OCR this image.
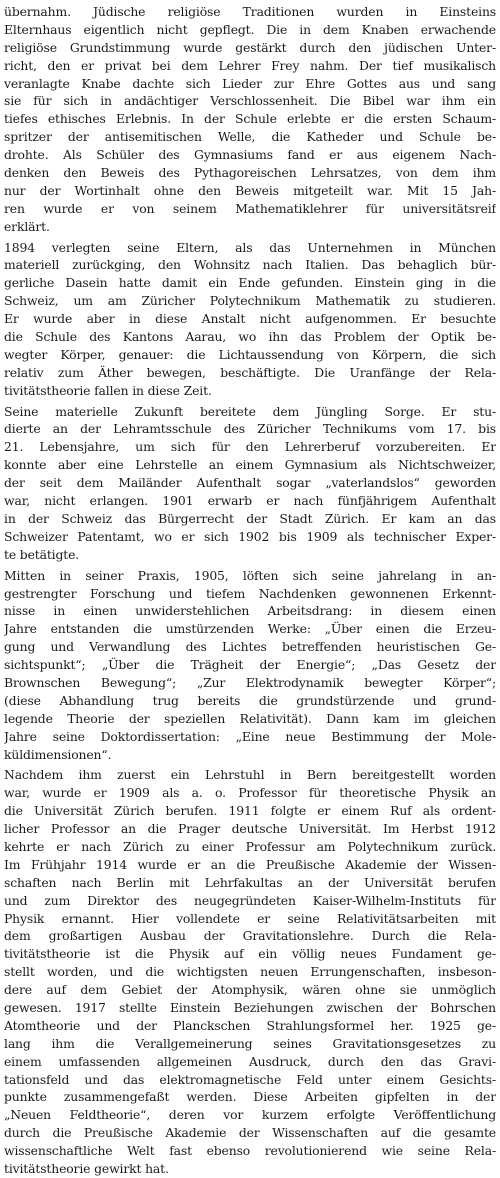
übernahm. Jüdische religiöse Traditionen wurden in Einsteins
Elternhaus eigentlich nicht gepflegt. Die in dem Knaben erwachende
religiöse Grundstimmung wurde gestärkt durch den jüdischen Unter-
richt, den er privat bei dem Lehrer Frey nahm. Der tief musikalisch
veranlagte Knabe dachte sich Lieder zur Ehre Gottes aus und sang
sie für sich in andächtiger Verschlossenheit. Die Bibel war ihm ein
tiefes ethisches Erlebnis. In der Schule erlebte er die ersten Schaum-
spritzer der antisemitischen Welle, die Katheder und Schule be-
drohte. Als Schüler des Gymnasiums fand er aus eigenem Nach-
denken den Beweis des Pythagoreischen Lehrsatzes, von dem ihm
nur der Wortinhalt ohne den Beweis mitgeteilt war. Mit 15 Jah-
ren wurde er von seinem Mathematiklehrer für universitätsreif
erklärt.
1894 verlegten seine Eltern, als das Unternehmen in München
materiell zurückging, den Wohnsitz nach Italien. Das behaglich bür-
gerliche Dasein hatte damit ein Ende gefunden. Einstein ging in die
Schweiz, um am Züricher Polytechnikum Mathematik zu studieren.
Er wurde aber in diese Anstalt nicht aufgenommen. Er besuchte
die Schule des Kantons Aarau, wo ihn das Problem der Optik be-
wegter Körper, genauer: die Lichtaussendung von Körpern, die sich
relativ zum Äther bewegen, beschäftigte. Die Uranfänge der Rela-
tivitätstheorie fallen in diese Zeit.
Seine materielle Zukunft bereitete dem Jüngling Sorge. Er stu-
dierte an der Lehramtsschule des Züricher Technikums vom 17. bis
21. Lebensjahre, um sich für den Lehrerberuf vorzubereiten. Er
konnte aber eine Lehrstelle an einem Gymnasium als Nichtschweizer,
der seit dem Mailänder Aufenthalt sogar „vaterlandslos“ geworden
war, nicht erlangen. 1901 erwarb er nach fünfjährigem Aufenthalt
in der Schweiz das Bürgerrecht der Stadt Zürich. Er kam an das
Schweizer Patentamt, wo er sich 1902 bis 1909 als technischer Exper-
te betätigte.
Mitten in seiner Praxis, 1905, löften sich seine jahrelang in an-
gestrengter Forschung und tiefem Nachdenken gewonnenen Erkennt-
nisse in einen unwiderstehlichen Arbeitsdrang: in diesem einen
Jahre entstanden die umstürzenden Werke: „Über einen die Erzeu-
gung und Verwandlung des Lichtes betreffenden heuristischen Ge-
sichtspunkt“; „Über die Trägheit der Energie“; „Das Gesetz der
Brownschen Bewegung“; „Zur Elektrodynamik bewegter Körper“;
(diese Abhandlung trug bereits die grundstürzende und grund-
legende Theorie der speziellen Relativität). Dann kam im gleichen
Jahre seine Doktordissertation: „Eine neue Bestimmung der Mole-
küldimensionen“.
Nachdem ihm zuerst ein Lehrstuhl in Bern bereitgestellt worden
war, wurde er 1909 als a. o. Professor für theoretische Physik an
die Universität Zürich berufen. 1911 folgte er einem Ruf als ordent-
licher Professor an die Prager deutsche Universität. Im Herbst 1912
kehrte er nach Zürich zu einer Professur am Polytechnikum zurück.
Im Frühjahr 1914 wurde er an die Preußische Akademie der Wissen-
schaften nach Berlin mit Lehrfakultas an der Universität berufen
und zum Direktor des neugegründeten Kaiser-Wilhelm-Instituts für
Physik ernannt. Hier vollendete er seine Relativitätsarbeiten mit
dem großartigen Ausbau der Gravitationslehre. Durch die Rela-
tivitätstheorie ist die Physik auf ein völlig neues Fundament ge-
stellt worden, und die wichtigsten neuen Errungenschaften, insbeson-
dere auf dem Gebiet der Atomphysik, wären ohne sie unmöglich
gewesen. 1917 stellte Einstein Beziehungen zwischen der Bohrschen
Atomtheorie und der Planckschen Strahlungsformel her. 1925 ge-
lang ihm die Verallgemeinerung seines Gravitationsgesetzes zu
einem umfassenden allgemeinen Ausdruck, durch den das Gravi-
tationsfeld und das elektromagnetische Feld unter einem Gesichts-
punkte zusammengefaßt werden. Diese Arbeiten gipfelten in der
„Neuen Feldtheorie“, deren vor kurzem erfolgte Veröffentlichung
durch die Preußische Akademie der Wissenschaften auf die gesamte
wissenschaftliche Welt fast ebenso revolutionierend wie seine Rela-
tivitätstheorie gewirkt hat.
